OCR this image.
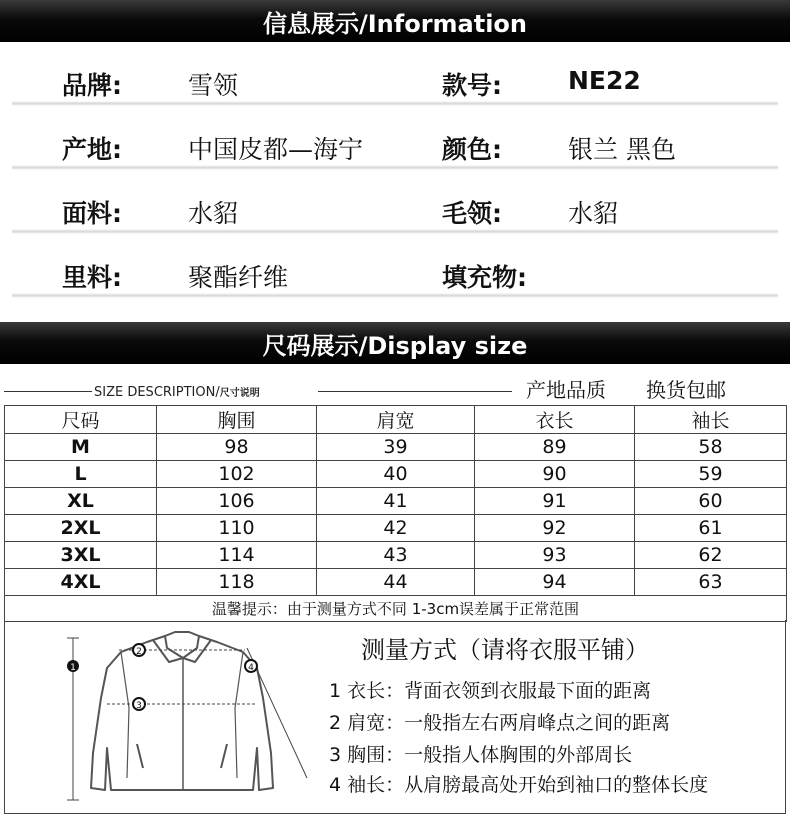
信息展示/Information
品牌:	雪领	款号:	NE22
产地:	中国皮都—海宁	颜色:	银兰 黑色
面料:	水貂	毛领:	水貂
里料:	聚酯纤维	填充物:
尺码展示/Display size
SIZE DESCRIPTION/尺寸说明	产地品质 换货包邮
尺码	胸围	肩宽	衣长	袖长
M	98	39	89	58
L	102	40	90	59
XL	106	41	91	60
2XL	110	42	92	61
3XL	114	43	93	62
4XL	118	44	94	63
温馨提示：由于测量方式不同 1-3cm误差属于正常范围				
1
2
3
4
测量方式（请将衣服平铺）
1 衣长：背面衣领到衣服最下面的距离
2 肩宽：一般指左右两肩峰点之间的距离
3 胸围：一般指人体胸围的外部周长
4 袖长：从肩膀最高处开始到袖口的整体长度
